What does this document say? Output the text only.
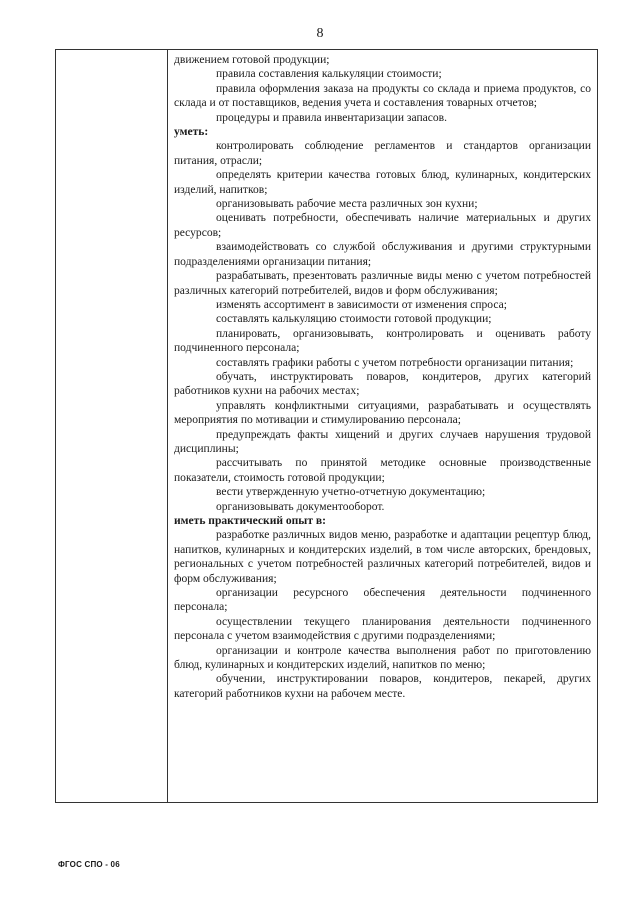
8

движением готовой продукции;

правила составления калькуляции стоимости;

правила оформления заказа на продукты со склада и приема продуктов, со склада и от поставщиков, ведения учета и составления товарных отчетов;

процедуры и правила инвентаризации запасов.

уметь:

контролировать соблюдение регламентов и стандартов организации питания, отрасли;

определять критерии качества готовых блюд, кулинарных, кондитерских изделий, напитков;

организовывать рабочие места различных зон кухни;

оценивать потребности, обеспечивать наличие материальных и других ресурсов;

взаимодействовать со службой обслуживания и другими структурными подразделениями организации питания;

разрабатывать, презентовать различные виды меню с учетом потребностей различных категорий потребителей, видов и форм обслуживания;

изменять ассортимент в зависимости от изменения спроса;

составлять калькуляцию стоимости готовой продукции;

планировать, организовывать, контролировать и оценивать работу подчиненного персонала;

составлять графики работы с учетом потребности организации питания;

обучать, инструктировать поваров, кондитеров, других категорий работников кухни на рабочих местах;

управлять конфликтными ситуациями, разрабатывать и осуществлять мероприятия по мотивации и стимулированию персонала;

предупреждать факты хищений и других случаев нарушения трудовой дисциплины;

рассчитывать по принятой методике основные производственные показатели, стоимость готовой продукции;

вести утвержденную учетно-отчетную документацию;

организовывать документооборот.

иметь практический опыт в:

разработке различных видов меню, разработке и адаптации рецептур блюд, напитков, кулинарных и кондитерских изделий, в том числе авторских, брендовых, региональных с учетом потребностей различных категорий потребителей, видов и форм обслуживания;

организации ресурсного обеспечения деятельности подчиненного персонала;

осуществлении текущего планирования деятельности подчиненного персонала с учетом взаимодействия с другими подразделениями;

организации и контроле качества выполнения работ по приготовлению блюд, кулинарных и кондитерских изделий, напитков по меню;

обучении, инструктировании поваров, кондитеров, пекарей, других категорий работников кухни на рабочем месте.

ФГОС СПО - 06
